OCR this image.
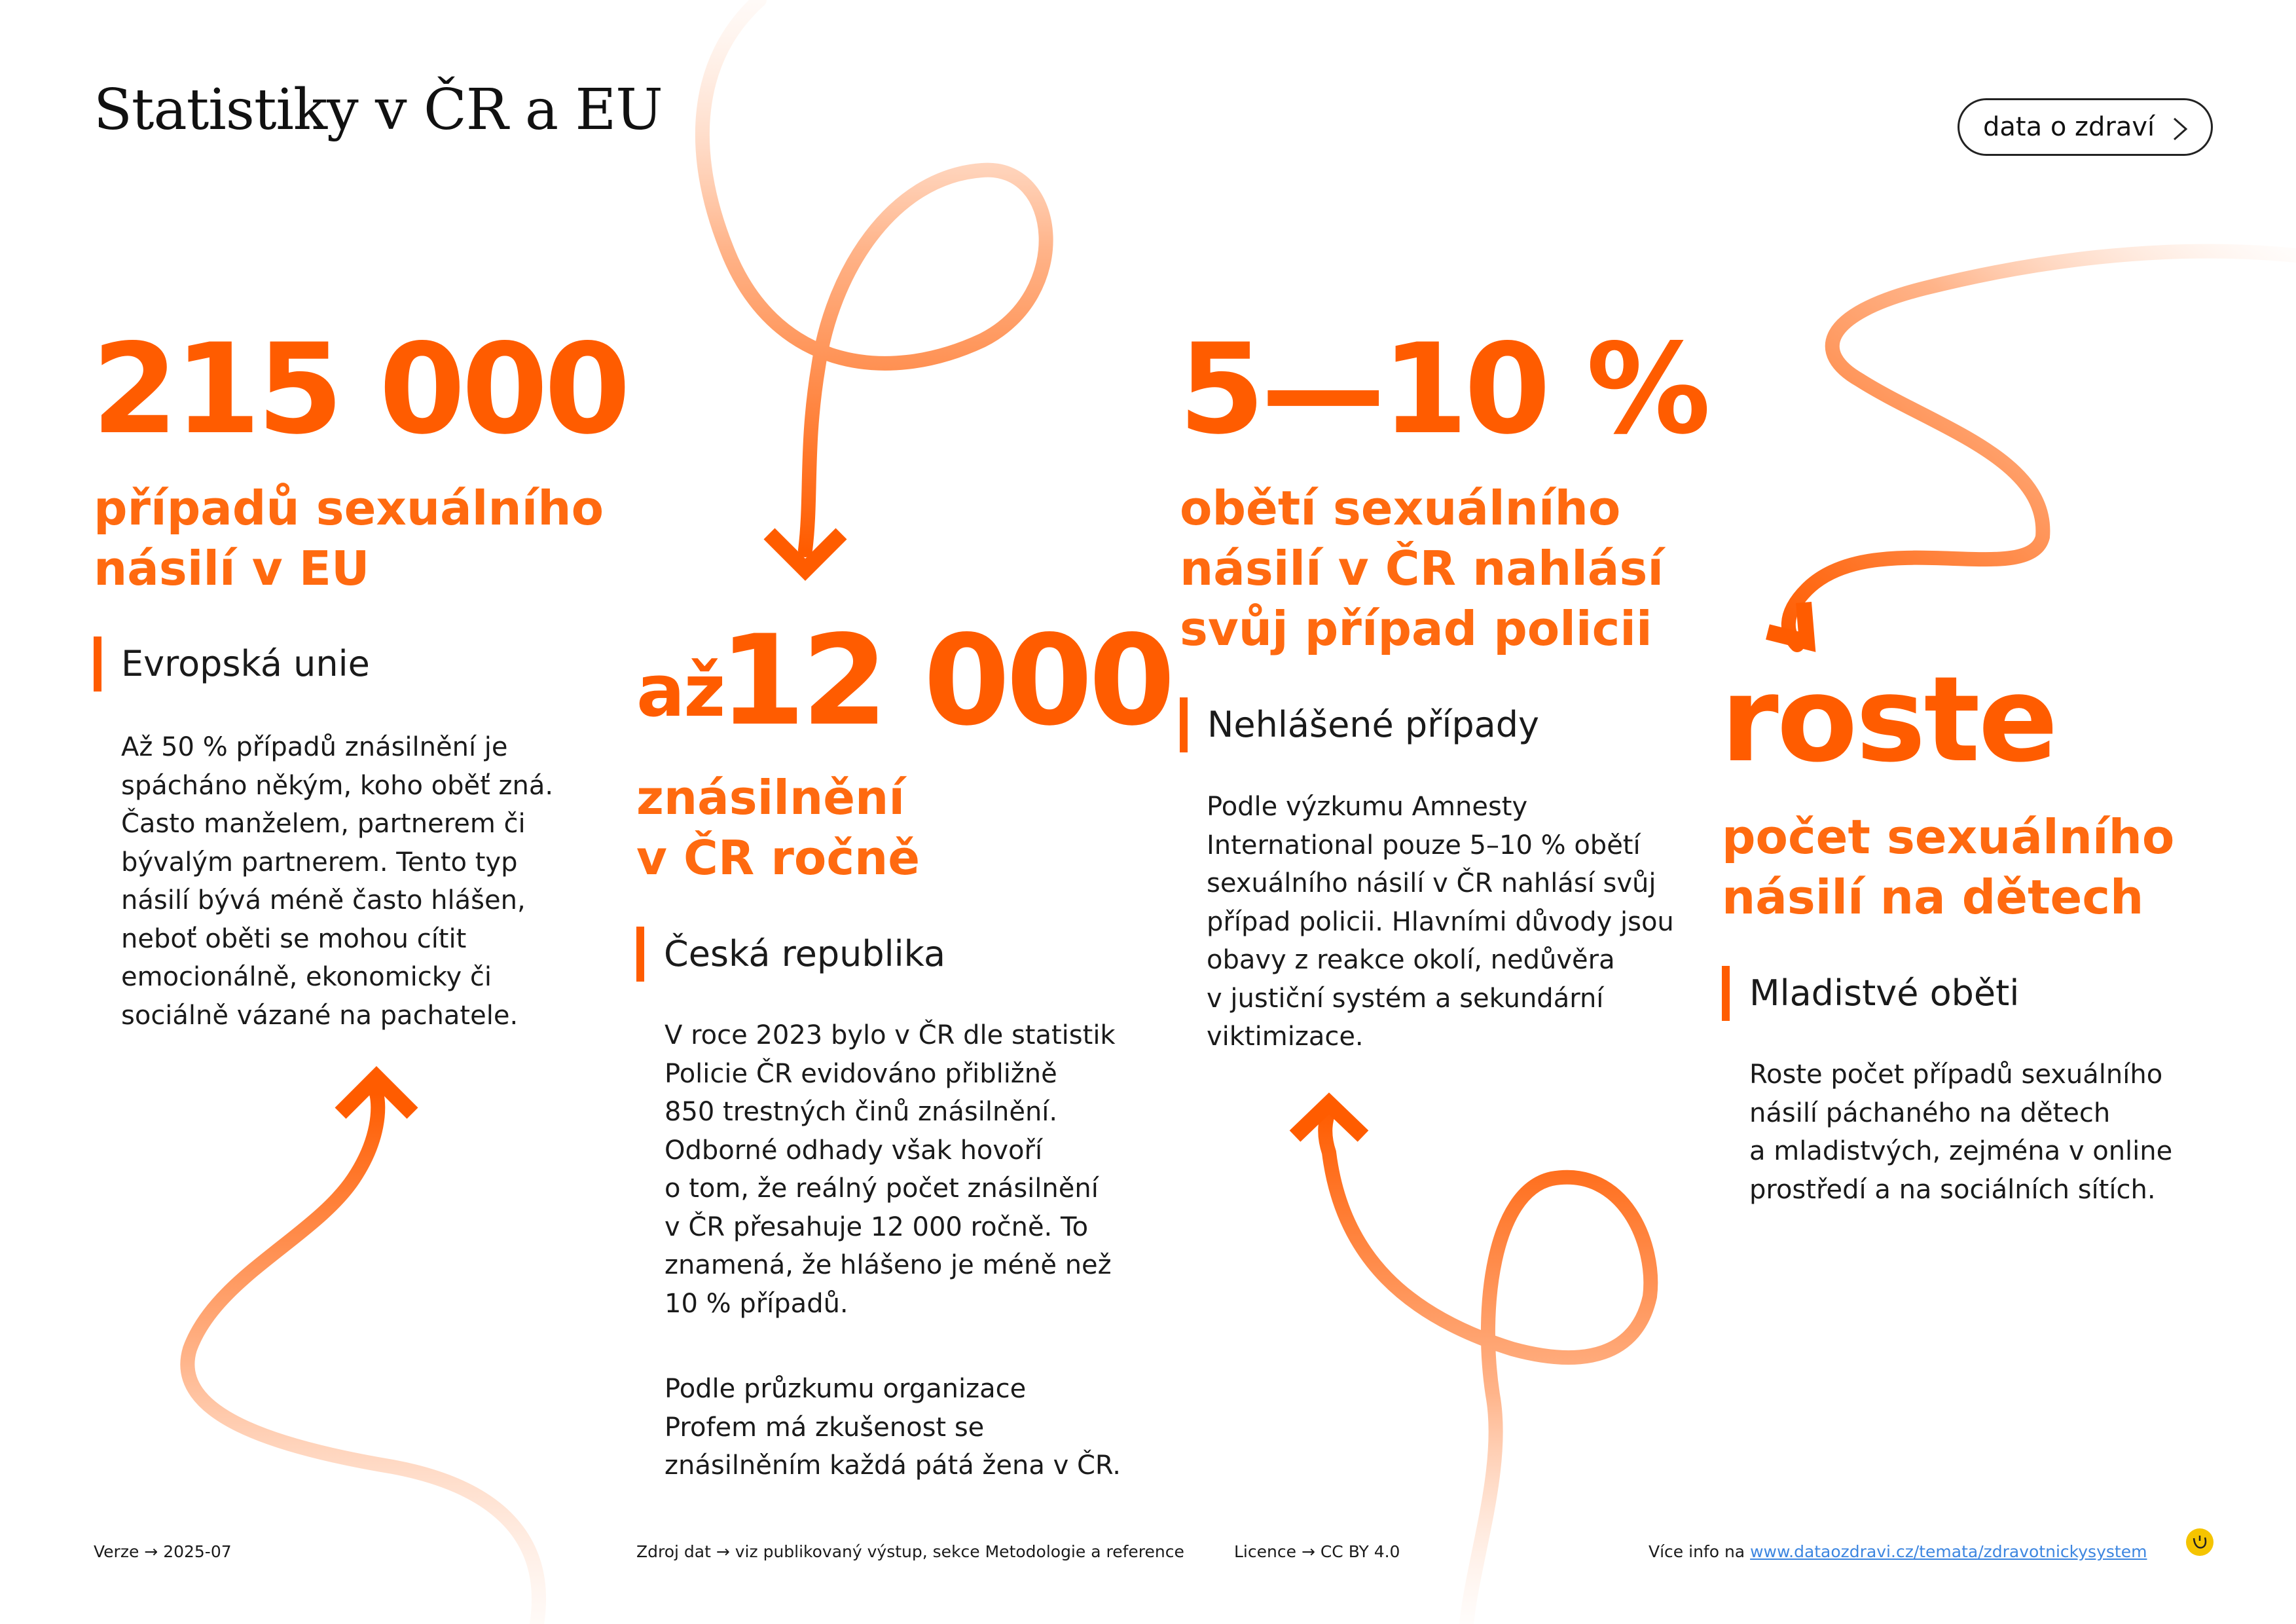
Statistiky v ČR a EU	data o zdraví
215 000
případů sexuálního
násilí v EU
Evropská unie
Až 50 % případů znásilnění je
spácháno někým, koho oběť zná.
Často manželem, partnerem či
bývalým partnerem. Tento typ
násilí bývá méně často hlášen,
neboť oběti se mohou cítit
emocionálně, ekonomicky či
sociálně vázané na pachatele.
až
12 000
znásilnění
v ČR ročně
Česká republika
V roce 2023 bylo v ČR dle statistik
Policie ČR evidováno přibližně
850 trestných činů znásilnění.
Odborné odhady však hovoří
o tom, že reálný počet znásilnění
v ČR přesahuje 12 000 ročně. To
znamená, že hlášeno je méně než
10 % případů.
Podle průzkumu organizace
Profem má zkušenost se
znásilněním každá pátá žena v ČR.
5—10 %
obětí sexuálního
násilí v ČR nahlásí
svůj případ policii
Nehlášené případy
Podle výzkumu Amnesty
International pouze 5–10 % obětí
sexuálního násilí v ČR nahlásí svůj
případ policii. Hlavními důvody jsou
obavy z reakce okolí, nedůvěra
v justiční systém a sekundární
viktimizace.
roste
počet sexuálního
násilí na dětech
Mladistvé oběti
Roste počet případů sexuálního
násilí páchaného na dětech
a mladistvých, zejména v online
prostředí a na sociálních sítích.
Verze → 2025-07	Zdroj dat → viz publikovaný výstup, sekce Metodologie a reference	Licence → CC BY 4.0	Více info na www.dataozdravi.cz/temata/zdravotnickysystem
